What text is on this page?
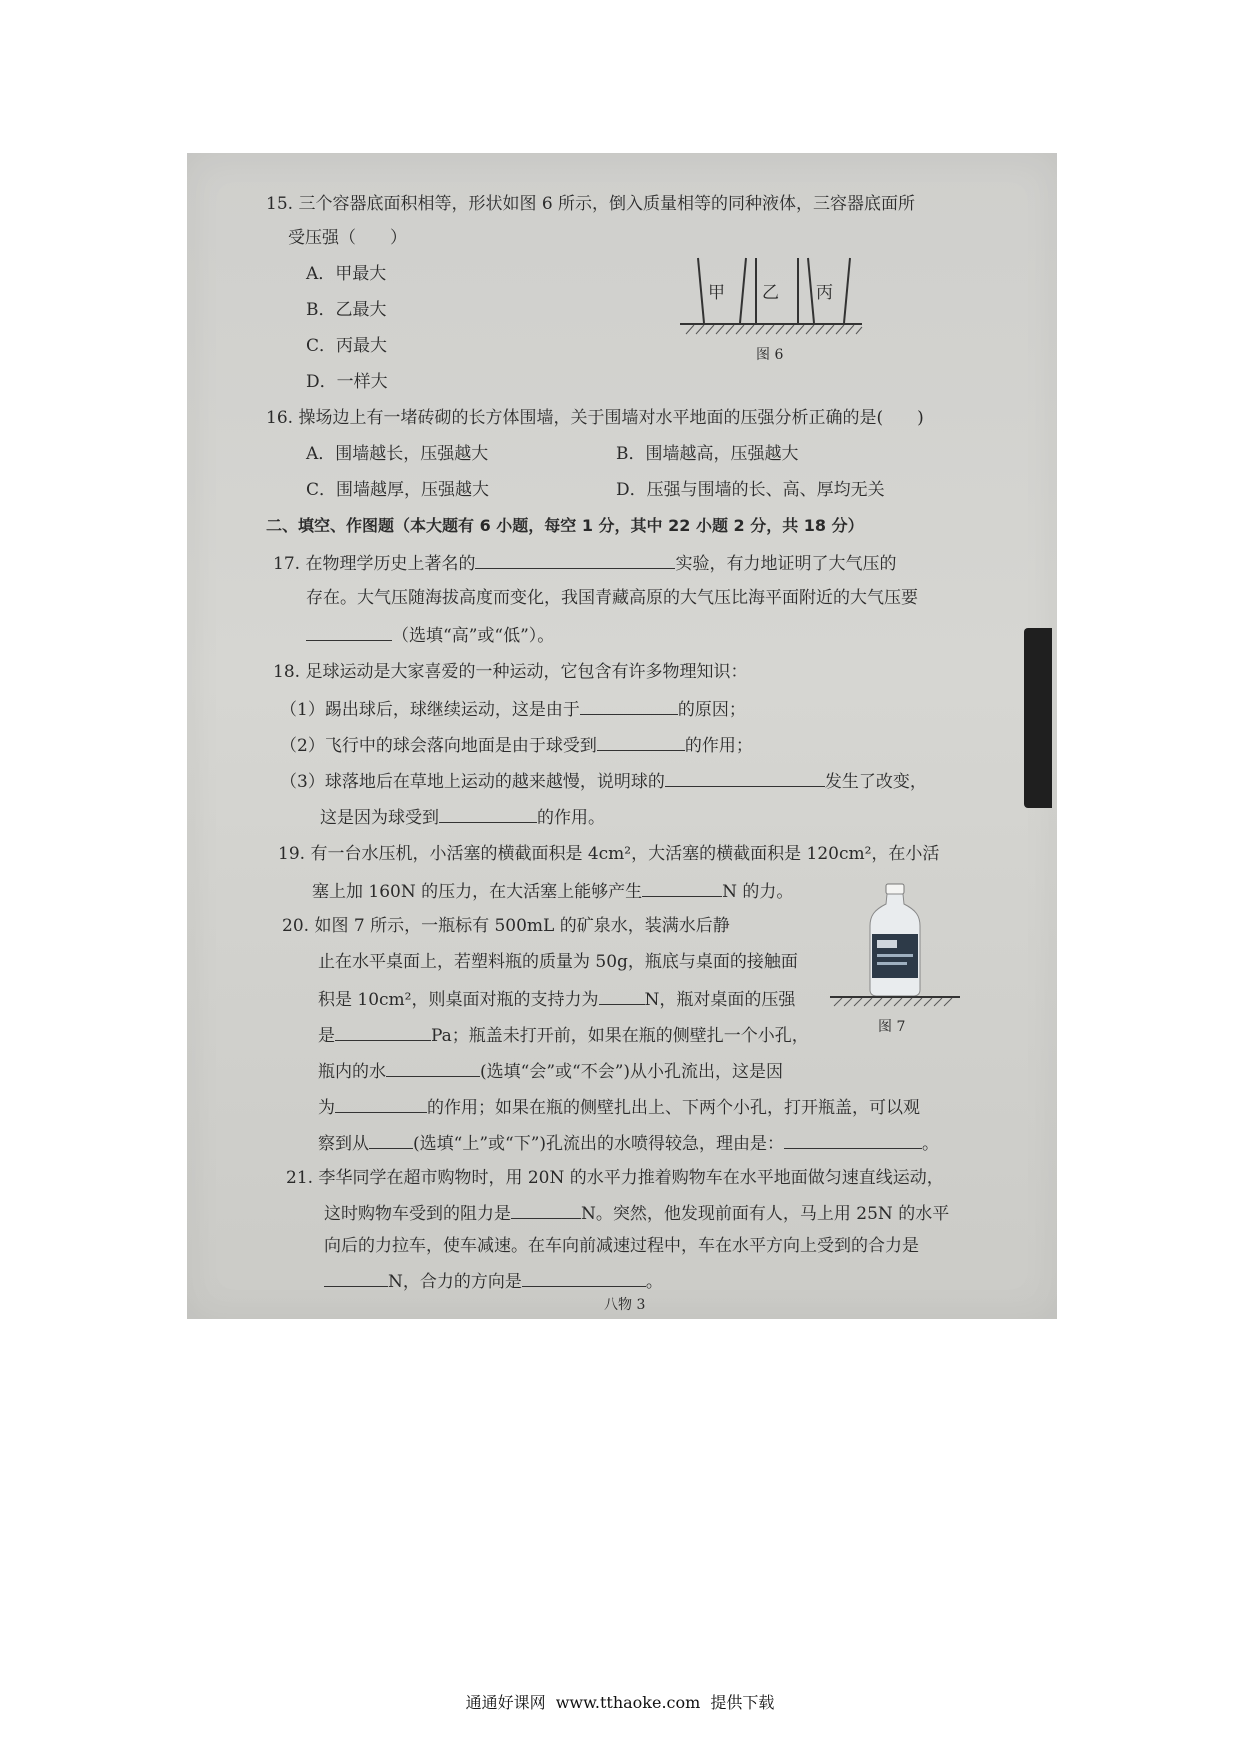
15. 三个容器底面积相等，形状如图 6 所示，倒入质量相等的同种液体，三容器底面所
受压强（　　）
A．甲最大
B．乙最大
C．丙最大
D．一样大
甲 乙 丙
图 6
16. 操场边上有一堵砖砌的长方体围墙，关于围墙对水平地面的压强分析正确的是(　　)
A．围墙越长，压强越大	B．围墙越高，压强越大
C．围墙越厚，压强越大	D．压强与围墙的长、高、厚均无关
二、填空、作图题（本大题有 6 小题，每空 1 分，其中 22 小题 2 分，共 18 分）
17. 在物理学历史上著名的	实验，有力地证明了大气压的
存在。大气压随海拔高度而变化，我国青藏高原的大气压比海平面附近的大气压要
（选填“高”或“低”）。
18. 足球运动是大家喜爱的一种运动，它包含有许多物理知识：
（1）踢出球后，球继续运动，这是由于	的原因；
（2）飞行中的球会落向地面是由于球受到	的作用；
（3）球落地后在草地上运动的越来越慢，说明球的	发生了改变，
这是因为球受到	的作用。
19. 有一台水压机，小活塞的横截面积是 4cm²，大活塞的横截面积是 120cm²，在小活
塞上加 160N 的压力，在大活塞上能够产生	N 的力。
20. 如图 7 所示，一瓶标有 500mL 的矿泉水，装满水后静
止在水平桌面上，若塑料瓶的质量为 50g，瓶底与桌面的接触面
积是 10cm²，则桌面对瓶的支持力为	N，瓶对桌面的压强
是	Pa；瓶盖未打开前，如果在瓶的侧壁扎一个小孔，
瓶内的水	(选填“会”或“不会”)从小孔流出，这是因
为	的作用；如果在瓶的侧壁扎出上、下两个小孔，打开瓶盖，可以观
察到从	(选填“上”或“下”)孔流出的水喷得较急，理由是：	。
图 7
21. 李华同学在超市购物时，用 20N 的水平力推着购物车在水平地面做匀速直线运动，
这时购物车受到的阻力是	N。突然，他发现前面有人，马上用 25N 的水平
向后的力拉车，使车减速。在车向前减速过程中，车在水平方向上受到的合力是
N，合力的方向是	。
八物 3
通通好课网 www.tthaoke.com 提供下载
